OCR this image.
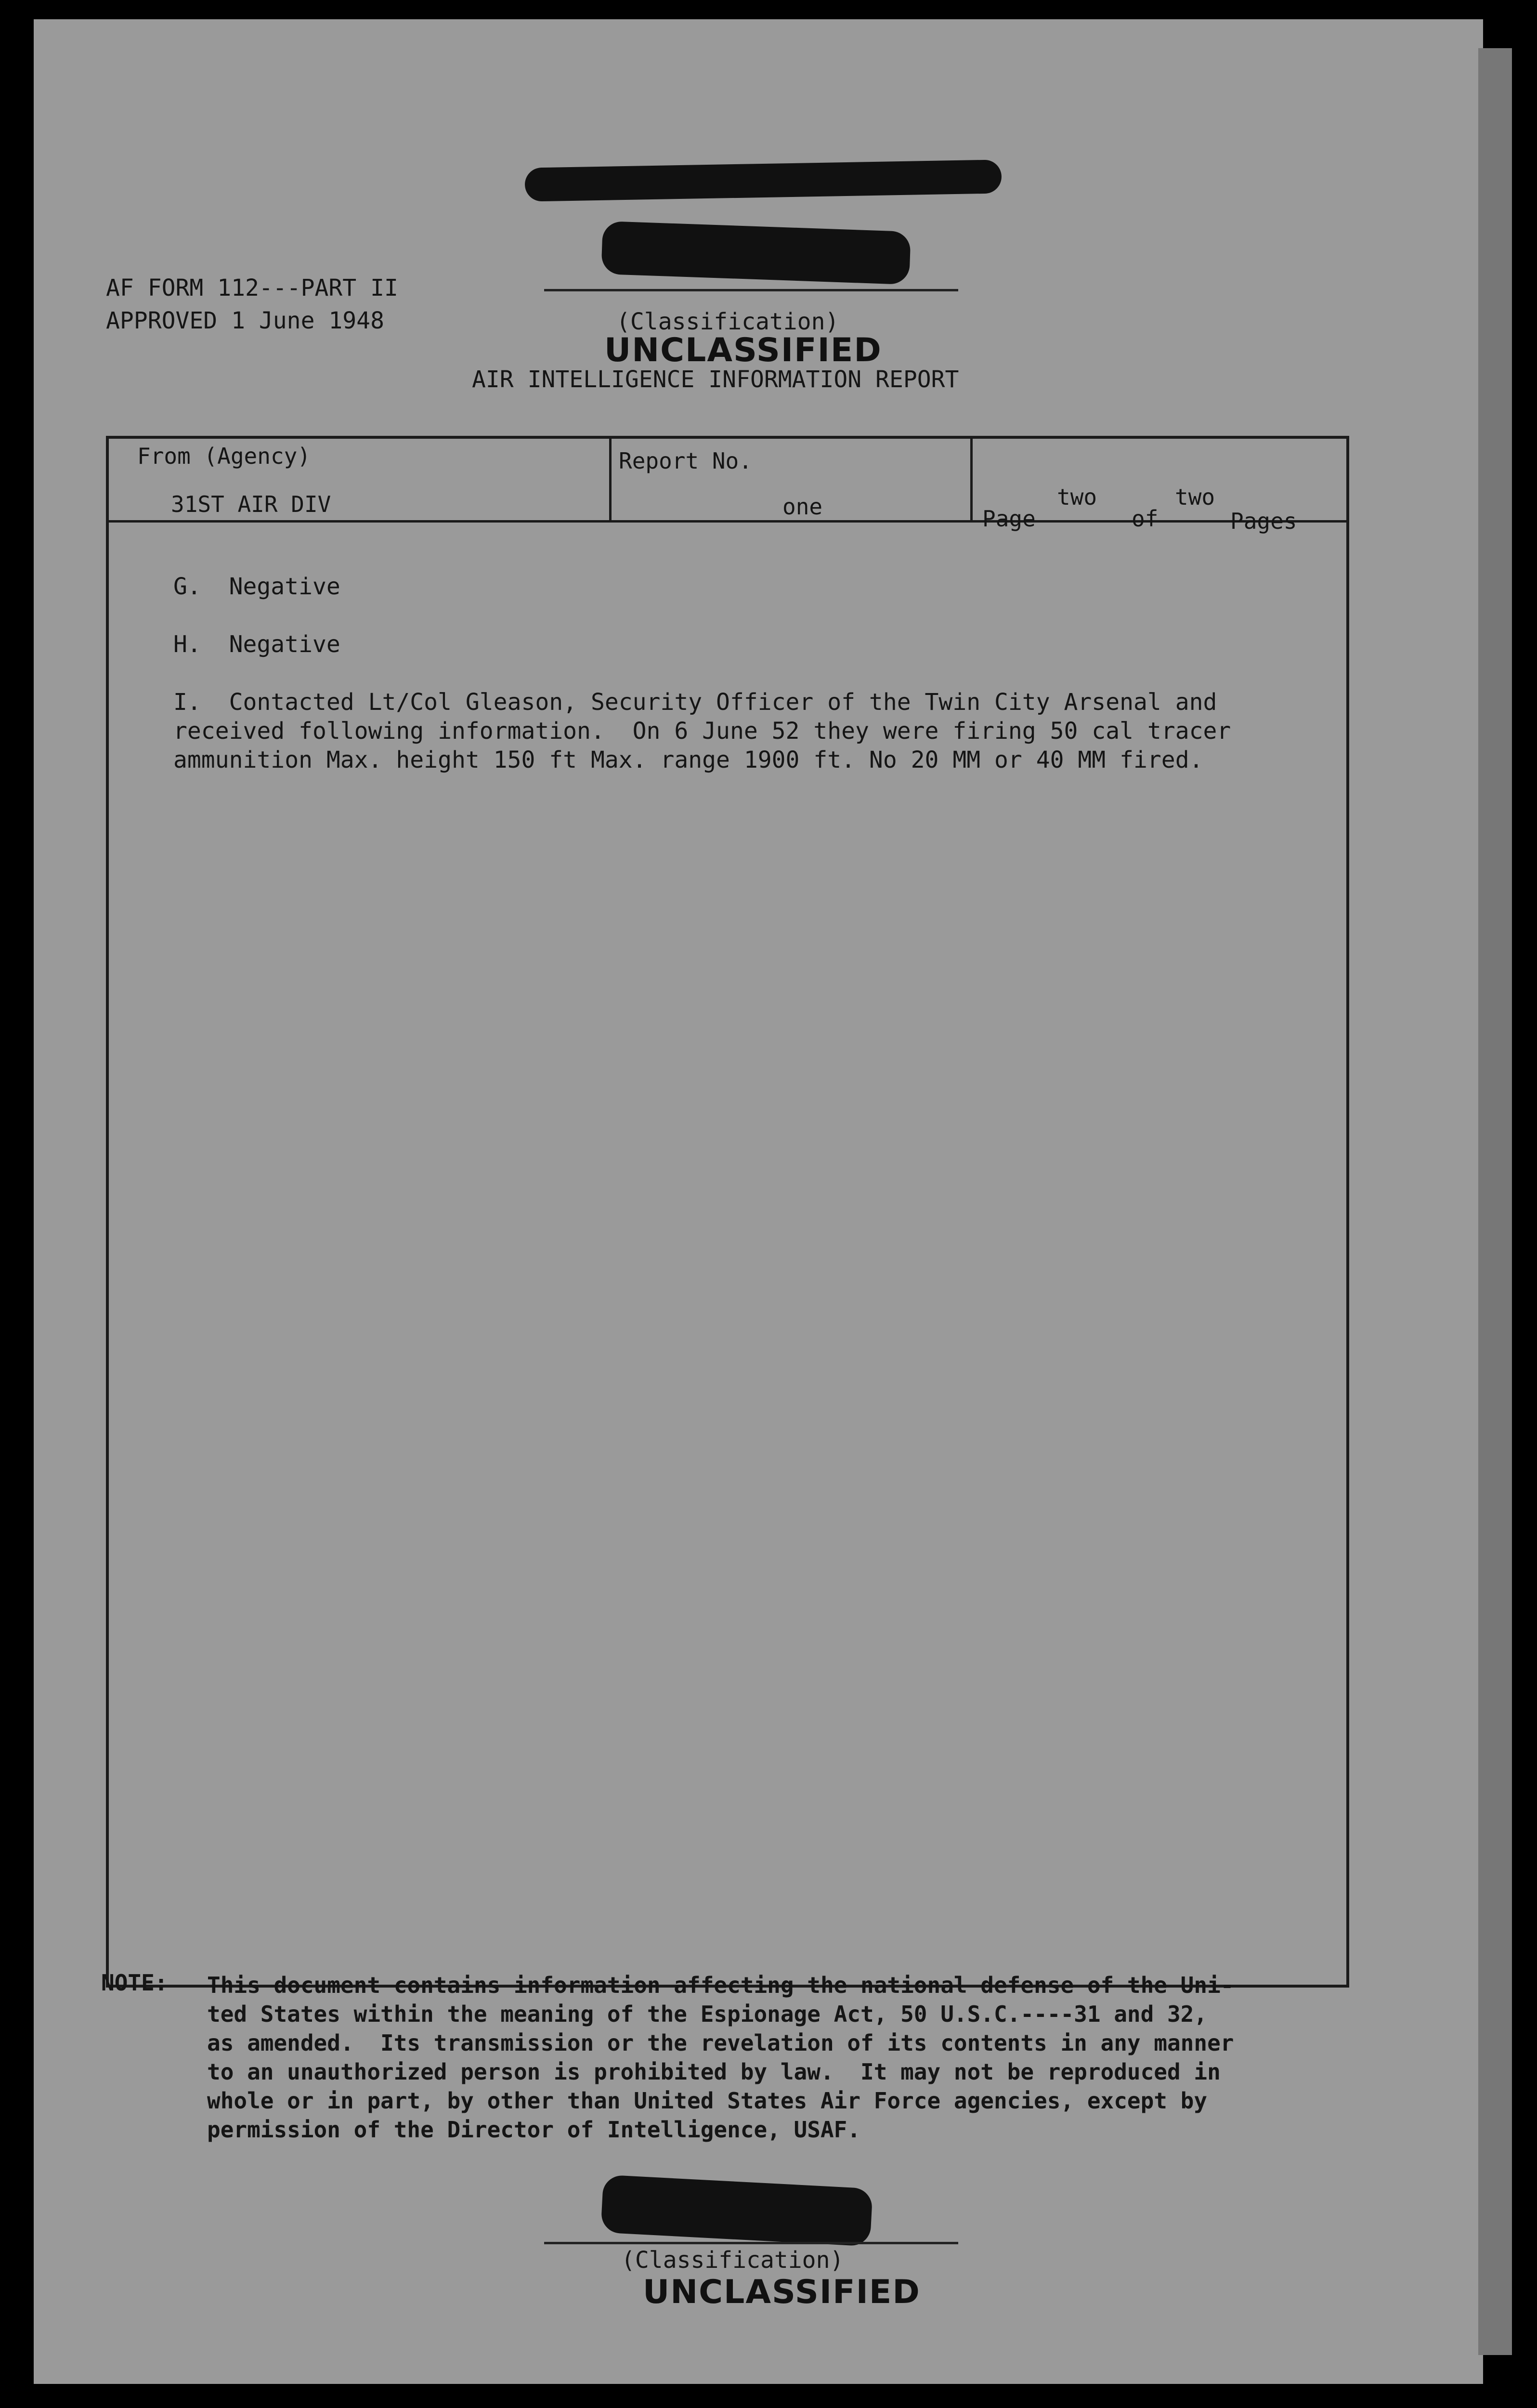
AF FORM 112---PART II
APPROVED 1 June 1948	(Classification)
UNCLASSIFIED
AIR INTELLIGENCE INFORMATION REPORT
From (Agency)
31ST AIR DIV
Report No.
one	Page
two
of
two
Pages
G.  Negative
H.  Negative
I.  Contacted Lt/Col Gleason, Security Officer of the Twin City Arsenal and
received following information.  On 6 June 52 they were firing 50 cal tracer
ammunition Max. height 150 ft Max. range 1900 ft. No 20 MM or 40 MM fired.
NOTE: This document contains information affecting the national defense of the Uni-
ted States within the meaning of the Espionage Act, 50 U.S.C.----31 and 32,
as amended.  Its transmission or the revelation of its contents in any manner
to an unauthorized person is prohibited by law.  It may not be reproduced in
whole or in part, by other than United States Air Force agencies, except by
permission of the Director of Intelligence, USAF.
(Classification)
UNCLASSIFIED
